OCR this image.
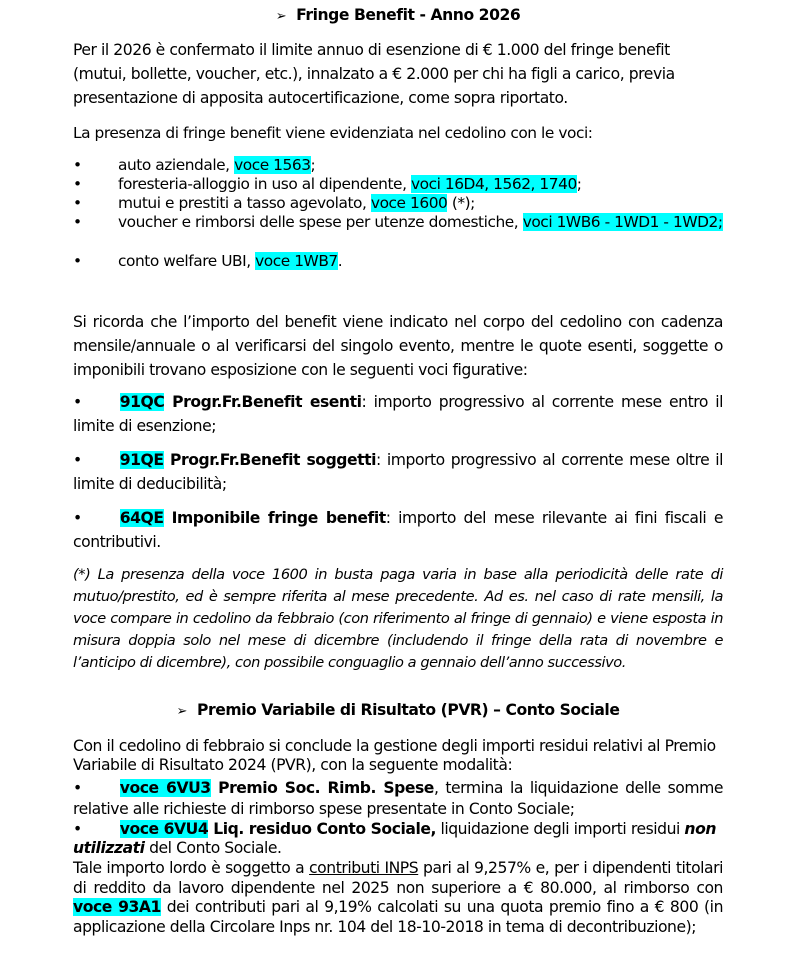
➢ Fringe Benefit - Anno 2026
Per il 2026 è confermato il limite annuo di esenzione di € 1.000 del fringe benefit (mutui, bollette, voucher, etc.), innalzato a € 2.000 per chi ha figli a carico, previa presentazione di apposita autocertificazione, come sopra riportato.
La presenza di fringe benefit viene evidenziata nel cedolino con le voci:
•	auto aziendale, voce 1563;
•	foresteria-alloggio in uso al dipendente, voci 16D4, 1562, 1740;
•	mutui e prestiti a tasso agevolato, voce 1600 (*);
•	voucher e rimborsi delle spese per utenze domestiche, voci 1WB6 - 1WD1 - 1WD2;
•	conto welfare UBI, voce 1WB7.
Si ricorda che l’importo del benefit viene indicato nel corpo del cedolino con cadenza mensile/annuale o al verificarsi del singolo evento, mentre le quote esenti, soggette o imponibili trovano esposizione con le seguenti voci figurative:
• 91QC Progr.Fr.Benefit esenti: importo progressivo al corrente mese entro il limite di esenzione;
• 91QE Progr.Fr.Benefit soggetti: importo progressivo al corrente mese oltre il limite di deducibilità;
• 64QE Imponibile fringe benefit: importo del mese rilevante ai fini fiscali e contributivi.
(*) La presenza della voce 1600 in busta paga varia in base alla periodicità delle rate di mutuo/prestito, ed è sempre riferita al mese precedente. Ad es. nel caso di rate mensili, la voce compare in cedolino da febbraio (con riferimento al fringe di gennaio) e viene esposta in misura doppia solo nel mese di dicembre (includendo il fringe della rata di novembre e l’anticipo di dicembre), con possibile conguaglio a gennaio dell’anno successivo.
➢ Premio Variabile di Risultato (PVR) – Conto Sociale
Con il cedolino di febbraio si conclude la gestione degli importi residui relativi al Premio Variabile di Risultato 2024 (PVR), con la seguente modalità:
• voce 6VU3 Premio Soc. Rimb. Spese, termina la liquidazione delle somme relative alle richieste di rimborso spese presentate in Conto Sociale;
• voce 6VU4 Liq. residuo Conto Sociale, liquidazione degli importi residui non utilizzati del Conto Sociale.
Tale importo lordo è soggetto a contributi INPS pari al 9,257% e, per i dipendenti titolari di reddito da lavoro dipendente nel 2025 non superiore a € 80.000, al rimborso con voce 93A1 dei contributi pari al 9,19% calcolati su una quota premio fino a € 800 (in applicazione della Circolare Inps nr. 104 del 18-10-2018 in tema di decontribuzione);
